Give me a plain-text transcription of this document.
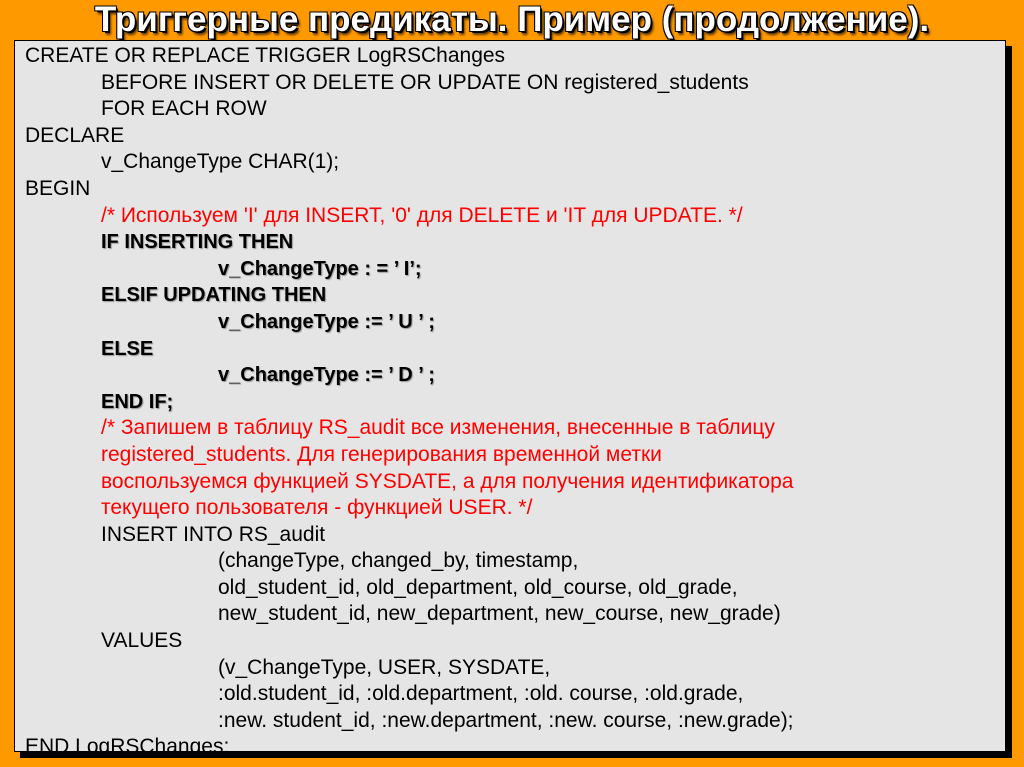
Триггерные предикаты. Пример (продолжение).
CREATE OR REPLACE TRIGGER LogRSChanges
BEFORE INSERT OR DELETE OR UPDATE ON registered_students
FOR EACH ROW
DECLARE
v_ChangeType CHAR(1);
BEGIN
/* Используем 'I' для INSERT, '0' для DELETE и 'IT для UPDATE. */
IF INSERTING THEN
v_ChangeType : = ’ I’;
ELSIF UPDATING THEN
v_ChangeType := ’ U ’ ;
ELSE
v_ChangeType := ’ D ’ ;
END IF;
/* Запишем в таблицу RS_audit все изменения, внесенные в таблицу
registered_students. Для генерирования временной метки
воспользуемся функцией SYSDATE, а для получения идентификатора
текущего пользователя - функцией USER. */
INSERT INTO RS_audit
(changeType, changed_by, timestamp,
old_student_id, old_department, old_course, old_grade,
new_student_id, new_department, new_course, new_grade)
VALUES
(v_ChangeType, USER, SYSDATE,
:old.student_id, :old.department, :old. course, :old.grade,
:new. student_id, :new.department, :new. course, :new.grade);
END LogRSChanges;
